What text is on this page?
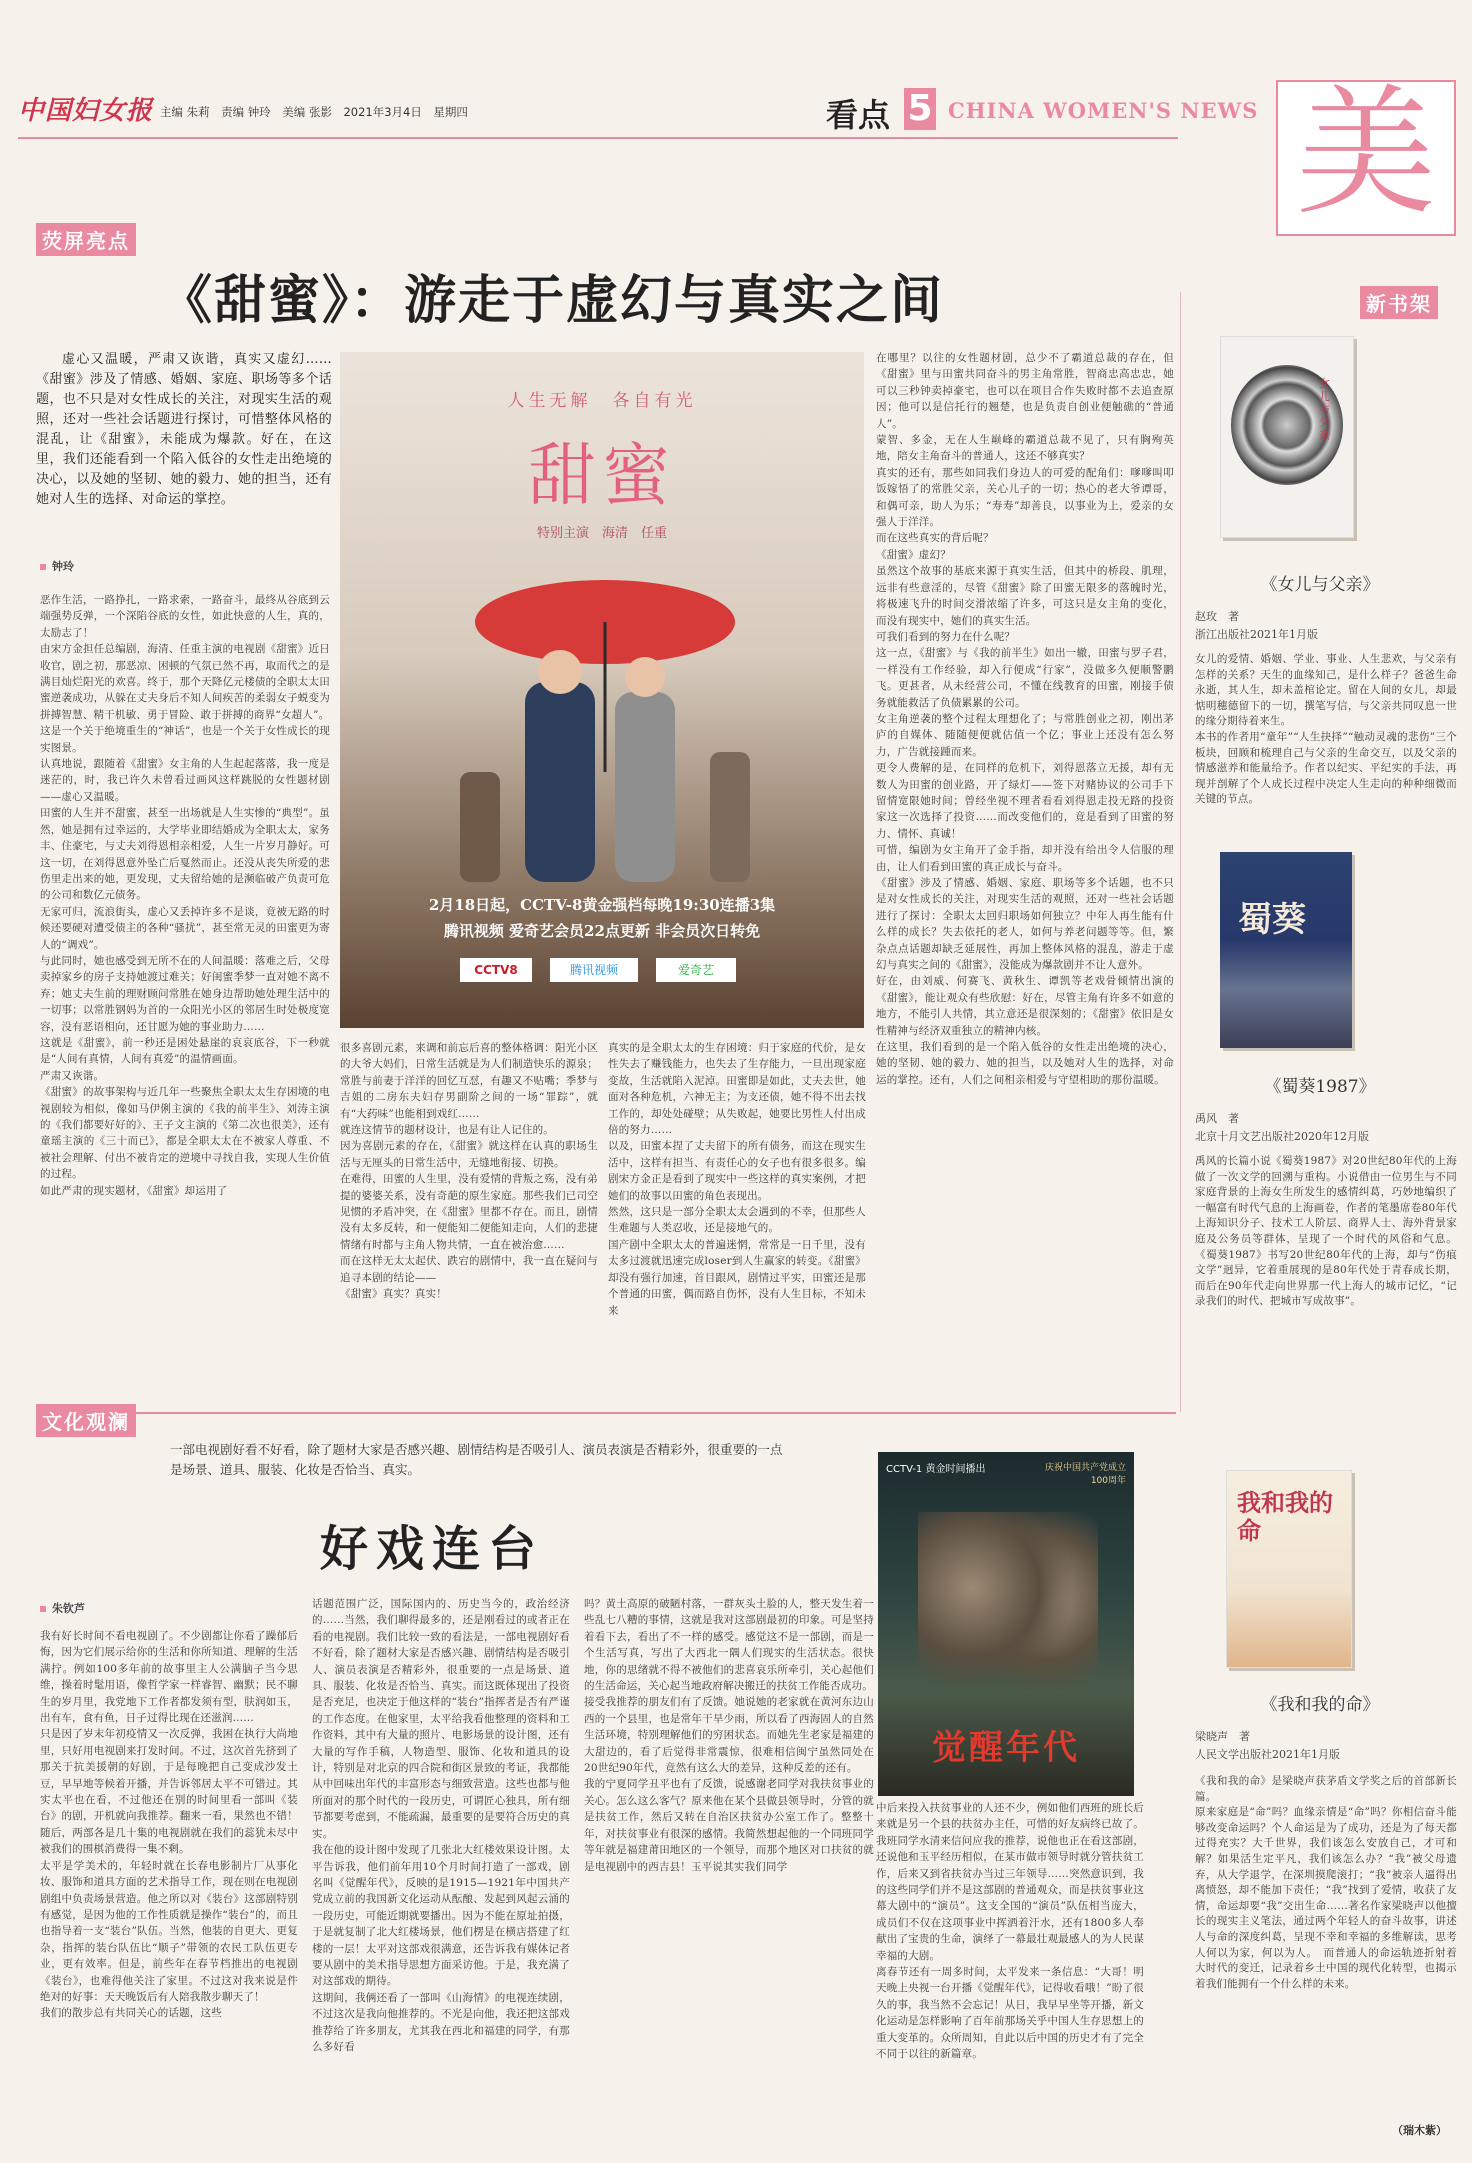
中国妇女报 主编 朱莉　责编 钟玲　美编 张影　2021年3月4日　星期四	看点 5 CHINA WOMEN'S NEWS 美
荧屏亮点
《甜蜜》：游走于虚幻与真实之间
虚心又温暖，严肃又诙谐，真实又虚幻……《甜蜜》涉及了情感、婚姻、家庭、职场等多个话题，也不只是对女性成长的关注，对现实生活的观照，还对一些社会话题进行探讨，可惜整体风格的混乱，让《甜蜜》，未能成为爆款。好在，在这里，我们还能看到一个陷入低谷的女性走出绝境的决心，以及她的坚韧、她的毅力、她的担当，还有她对人生的选择、对命运的掌控。
钟玲
恶作生活，一路挣扎，一路求索，一路奋斗，最终从谷底到云端强势反弹，一个深陷谷底的女性，如此快意的人生，真的，太励志了！
由宋方金担任总编剧，海清、任重主演的电视剧《甜蜜》近日收官，剧之初，那恶凉、困顿的气氛已然不再，取而代之的是满目灿烂阳光的欢喜。终于，那个天降亿元楼债的全职太太田蜜逆袭成功，从躲在丈夫身后不知人间疾苦的柔弱女子蜕变为拼搏智慧、精干机敏、勇于冒险、敢于拼搏的商界“女超人”。
这是一个关于绝境重生的“神话”，也是一个关于女性成长的现实图景。
认真地说，跟随着《甜蜜》女主角的人生起起落落，我一度是迷茫的，时，我已许久未曾看过画风这样跳脱的女性题材剧——虚心又温暖。
田蜜的人生并不甜蜜，甚至一出场就是人生实惨的“典型”。虽然，她是拥有过幸运的，大学毕业即结婚成为全职太太，家务丰、住豪宅，与丈夫刘得恩相亲相爱，人生一片岁月静好。可这一切，在刘得恩意外坠亡后戛然而止。还没从丧失所爱的悲伤里走出来的她，更发现，丈夫留给她的是濒临破产负责可危的公司和数亿元债务。
无家可归，流浪街头，虚心又丢掉许多不是谈，竟被无路的时候还要硬对遭受债主的各种“骚扰”，甚至常无灵的田蜜更为寄人的“调戏”。
与此同时，她也感受到无所不在的人间温暖：落难之后，父母卖掉家乡的房子支持她渡过难关；好闺蜜季梦一直对她不离不弃；她丈夫生前的理财顾问常胜在她身边帮助她处理生活中的一切事；以常胜钢妈为首的一众阳光小区的邻居生时处极度宽容，没有恶语相向，还甘愿为她的事业助力……
这就是《甜蜜》，前一秒还是困处悬崖的哀哀底谷，下一秒就是“人间有真情，人间有真爱”的温情画面。
严肃又诙谐。
《甜蜜》的故事架构与近几年一些聚焦全职太太生存困境的电视剧较为相似，像如马伊俐主演的《我的前半生》、刘涛主演的《我们都要好好的》、王子文主演的《第二次也很美》，还有童瑶主演的《三十而已》，都是全职太太在不被家人尊重、不被社会理解、付出不被肯定的逆境中寻找自我，实现人生价值的过程。
如此严肃的现实题材，《甜蜜》却运用了
很多喜剧元素，来调和前忘后喜的整体格调：阳光小区的大爷大妈们，日常生活就是为人们制造快乐的源泉；常胜与前妻于洋洋的回忆互怼，有趣又不贴嘴；季梦与吉姐的二房东夫妇存男副阶之间的一场“罪踪”，就有“大药味”也能相到戏红……
就连这情节的题材设计，也是有让人记住的。
因为喜剧元素的存在，《甜蜜》就这样在认真的职场生活与无厘头的日常生活中，无缝地衔接、切换。
在难得，田蜜的人生里，没有爱情的背叛之殇，没有弟提的婆婆关系，没有奇葩的原生家庭。那些我们已司空见惯的矛盾冲突，在《甜蜜》里都不存在。而且，剧情没有太多反转，和一便能知二便能知走向，人们的悲捷情绪有时都与主角人物共情，一直在被治愈……
而在这样无太太起伏、跌宕的剧情中，我一直在疑问与追寻本剧的结论——
《甜蜜》真实？真实！
真实的是全职太太的生存困境：归于家庭的代价，是女性失去了赚钱能力，也失去了生存能力，一旦出现家庭变故，生活就陷入泥淖。田蜜即是如此，丈夫去世，她面对各种危机，六神无主；为支还债，她不得不出去找工作的，却处处碰壁；从失败起，她要比男性人付出成倍的努力……
以及，田蜜本捏了丈夫留下的所有债务，而这在现实生活中，这样有担当、有责任心的女子也有很多很多。编剧宋方金正是看到了现实中一些这样的真实案例，才把她们的故事以田蜜的角色表现出。
然然，这只是一部分全职太太会遇到的不幸，但那些人生难题与人类忍收，还是接地气的。
国产剧中全职太太的普遍迷惘，常常是一日千里，没有太多过渡就迅速完成loser到人生赢家的转变。《甜蜜》却没有强行加速，首目跟风，剧情过平实，田蜜还是那个普通的田蜜，偶而路自伤怀，没有人生目标，不知未来
在哪里？以往的女性题材剧，总少不了霸道总裁的存在，但《甜蜜》里与田蜜共同奋斗的男主角常胜，智商忠高忠忠，她可以三秒钟卖掉豪宅，也可以在项目合作失败时都不去追查原因；他可以是信托行的翘楚，也是负责自创业便触礁的“普通人”。
蒙智、多金，无在人生巅峰的霸道总裁不见了，只有胸殉英地，陪女主角奋斗的普通人，这还不够真实？
真实的还有，那些如同我们身边人的可爱的配角们：嗲嗲叫叩饭嫁悟了的常胜父亲，关心儿子的一切；热心的老大爷谭哥，和偶可亲，助人为乐；“寿寿”却善良，以事业为上，爱亲的女强人于洋洋。
而在这些真实的背后呢？
《甜蜜》虚幻？
虽然这个故事的基底来源于真实生活，但其中的桥段、肌理，远非有些意淫的，尽管《甜蜜》除了田蜜无限多的落魄时光，将极速飞升的时间交滑浓缩了许多，可这只是女主角的变化，而没有现实中，她们的真实生活。
可我们看到的努力在什么呢？
这一点，《甜蜜》与《我的前半生》如出一辙，田蜜与罗子君，一样没有工作经验，却入行便成“行家”，没做多久便顺警鹏飞。更甚者，从未经营公司，不懂在线教育的田蜜，刚接手债务就能救活了负债累累的公司。
女主角逆袭的整个过程太理想化了；与常胜创业之初，刚出茅庐的自媒体、随随便便就估值一个亿；事业上还没有怎么努力，广告就接踵而来。
更令人费解的是，在同样的危机下，刘得恩落立无援，却有无数人为田蜜的创业路，开了绿灯——签下对赌协议的公司手下留情宽限她时间；曾经坐视不理者看看刘得恩走投无路的投资家这一次选择了投资……而改变他们的，竟是看到了田蜜的努力、情怀、真诚！
可惜，编剧为女主角开了金手指，却并没有给出令人信服的理由，让人们看到田蜜的真正成长与奋斗。
《甜蜜》涉及了情感、婚姻、家庭、职场等多个话题，也不只是对女性成长的关注，对现实生活的观照，还对一些社会话题进行了探讨：全职太太回归职场如何独立？中年人再生能有什么样的成长？失去依托的老人，如何与养老问题等等。但，繁杂点点话题却缺乏延展性，再加上整体风格的混乱，游走于虚幻与真实之间的《甜蜜》，没能成为爆款剧并不让人意外。
好在，由刘威、何赛飞、黄秋生、谭凯等老戏骨倾情出演的《甜蜜》，能让观众有些欣慰：好在，尽管主角有许多不如意的地方，不能引人共情，其立意还是很深刻的；《甜蜜》依旧是女性精神与经济双重独立的精神内核。
在这里，我们看到的是一个陷入低谷的女性走出绝境的决心，她的坚韧、她的毅力、她的担当，以及她对人生的选择，对命运的掌控。还有，人们之间相亲相爱与守望相助的那份温暖。
人生无解　各自有光
甜蜜
特别主演　海清　任重
2月18日起，CCTV-8黄金强档每晚19:30连播3集
腾讯视频 爱奇艺会员22点更新 非会员次日转免
CCTV8	腾讯视频	爱奇艺
新书架
女儿与父亲
《女儿与父亲》
赵玫　著
浙江出版社2021年1月版
女儿的爱情、婚姻、学业、事业、人生悲欢，与父亲有怎样的关系？天生的血缘知己，是什么样子？爸爸生命永逝，其人生，却未盖棺论定。留在人间的女儿，却最惦明穗德留下的一切，撰笔写信，与父亲共同叹息一世的缘分期待着来生。
本书的作者用“童年”“人生抉择”“触动灵魂的悲伤”三个板块，回顾和梳理自己与父亲的生命交互，以及父亲的情感滋养和能量给予。作者以纪实、平纪实的手法，再现并剖解了个人成长过程中决定人生走向的种种细微而关键的节点。
蜀葵
《蜀葵1987》
禹风　著
北京十月文艺出版社2020年12月版
禹风的长篇小说《蜀葵1987》对20世纪80年代的上海做了一次文学的回溯与重构。小说借由一位男生与不同家庭背景的上海女生所发生的感情纠葛，巧妙地编织了一幅富有时代气息的上海画卷，作者的笔墨席卷80年代上海知识分子、技术工人阶层、商界人士、海外背景家庭及公务员等群体，呈现了一个时代的风俗和气息。《蜀葵1987》书写20世纪80年代的上海，却与“伤痕文学”迥异，它着重展现的是80年代处于青春成长期，而后在90年代走向世界那一代上海人的城市记忆，“记录我们的时代、把城市写成故事”。
文化观澜
一部电视剧好看不好看，除了题材大家是否感兴趣、剧情结构是否吸引人、演员表演是否精彩外，很重要的一点是场景、道具、服装、化妆是否恰当、真实。
好戏连台
朱钦芦
我有好长时间不看电视剧了。不少剧都让你看了躁郁后悔，因为它们展示给你的生活和你所知道、理解的生活满拧。例如100多年前的故事里主人公满脑子当今思维，操着时髦用语，像哲学家一样睿智、幽默；民不聊生的岁月里，我党地下工作者都发须有型，肤润如玉，出有车，食有鱼，日子过得比现在还滋润……
只是因了岁末年初疫情又一次反弹，我困在执行大尚地里，只好用电视剧来打发时间。不过，这次首先挤到了那关于抗美援朝的好剧，于是每晚把自己变成沙发土豆，早早地等候着开播，并告诉邻居太平不可错过。其实太平也在看，不过他还在别的时间里看一部叫《装台》的剧，开机就向我推荐。翻来一看，果然也不错！随后，两部各是几十集的电视剧就在我们的蕊犹未尽中被我们的围棋消费得一集不剩。
太平是学美术的，年轻时就在长春电影制片厂从事化妆、服饰和道具方面的艺术指导工作，现在则在电视剧剧组中负责场景营造。他之所以对《装台》这部剧特别有感觉，是因为他的工作性质就是操作“装台”的，而且也指导着一支“装台”队伍。当然，他装的自更大、更复杂，指挥的装台队伍比“顺子”带领的农民工队伍更专业，更有效率。但是，前些年在春节档推出的电视剧《装台》，也难得他关注了家里。不过这对我来说是件绝对的好事：天天晚饭后有人陪我散步聊天了！
我们的散步总有共同关心的话题，这些
话题范围广泛，国际国内的、历史当今的，政治经济的……当然，我们聊得最多的，还是刚看过的或者正在看的电视剧。我们比较一致的看法是，一部电视剧好看不好看，除了题材大家是否感兴趣、剧情结构是否吸引人、演员表演是否精彩外，很重要的一点是场景、道具、服装、化妆是否恰当、真实。而这既体现出了投资是否充足，也决定于他这样的“装台”指挥者是否有严谨的工作态度。在他家里，太平给我看他整理的资料和工作资料，其中有大量的照片、电影场景的设计图，还有大量的写作手稿，人物造型、服饰、化妆和道具的设计，特别是对北京的四合院和街区景致的考证，我都能从中回味出年代的丰富形态与细致营造。这些也都与他所面对的那个时代的一段历史，可谓匠心独具，所有细节都要考虑到，不能疏漏，最重要的是要符合历史的真实。
我在他的设计图中发现了几张北大红楼效果设计图。太平告诉我，他们前年用10个月时间打造了一部戏，剧名叫《觉醒年代》，反映的是1915—1921年中国共产党成立前的我国新文化运动从酝酿、发起到风起云涌的一段历史，可能近期就要播出。因为不能在原址拍摄，于是就复制了北大红楼场景，他们楞是在横店搭建了红楼的一层！太平对这部戏很满意，还告诉我有媒体记者要从剧中的美术指导思想方面采访他。于是，我充满了对这部戏的期待。
这期间，我俩还看了一部叫《山海情》的电视连续剧，不过这次是我向他推荐的。不光是向他，我还把这部戏推荐给了许多朋友，尤其我在西北和福建的同学，有那么多好看
吗？黄土高原的破陋村落，一群灰头土脸的人，整天发生着一些乱七八糟的事情，这就是我对这部剧最初的印象。可是坚持着看下去，看出了不一样的感受。感觉这不是一部剧，而是一个生活写真，写出了大西北一隅人们现实的生活状态。很快地，你的思绪就不得不被他们的悲喜哀乐所牵引，关心起他们的生活命运，关心起当地政府解决搬迁的扶贫工作能否成功。
接受我推荐的朋友们有了反馈。她说她的老家就在黄河东边山西的一个县里，也是常年干旱少雨，所以看了西海固人的自然生活环境，特别理解他们的穷困状态。而她先生老家是福建的大甜边的，看了后觉得非常震惊，很难相信闽宁虽然同处在20世纪90年代，竟然有这么大的差异，这种反差的还有。
我的宁夏同学丑平也有了反馈，说感谢老同学对我扶贫事业的关心。怎么这么客气？原来他在某个县做县领导时，分管的就是扶贫工作，然后又转在自治区扶贫办公室工作了。整整十年，对扶贫事业有很深的感情。我简然想起他的一个同班同学等年就是福建莆田地区的一个领导，而那个地区对口扶贫的就是电视剧中的西吉县！玉平说其实我们同学
中后来投入扶贫事业的人还不少，例如他们西班的班长后来就是另一个县的扶贫办主任，可惜的好友病终已故了。我班同学水清来信问应我的推荐，说他也正在看这部剧，还说他和玉平经历相似，在某市做市领导时就分管扶贫工作，后来又到省扶贫办当过三年领导……突然意识到，我的这些同学们并不是这部剧的普通观众，而是扶贫事业这幕大剧中的“演员”。这支全国的“演员”队伍相当庞大，成员们不仅在这项事业中挥洒着汗水，还有1800多人奉献出了宝贵的生命，演绎了一幕最壮观最感人的为人民谋幸福的大剧。
离春节还有一周多时间，太平发来一条信息：“大哥！明天晚上央视一台开播《觉醒年代》，记得收看哦！”盼了很久的事，我当然不会忘记！从日，我早早坐等开播，新文化运动是怎样影响了百年前那场关乎中国人生存思想上的重大变革的。众所周知，自此以后中国的历史才有了完全不同于以往的新篇章。
CCTV-1 黄金时间播出	庆祝中国共产党成立100周年
觉醒年代
我和我的命
《我和我的命》
梁晓声　著
人民文学出版社2021年1月版
《我和我的命》是梁晓声获茅盾文学奖之后的首部新长篇。
原来家庭是“命”吗？血缘亲情是“命”吗？你相信奋斗能够改变命运吗？个人命运是为了成功，还是为了每天都过得充实？大千世界，我们该怎么安放自己，才可和解？如果活生定平凡，我们该怎么办？“我”被父母遗弃，从大学退学，在深圳摸爬滚打；“我”被亲人逼得出离愤怒，却不能加下责任；“我”找到了爱情，收获了友情，命运却要“我”交出生命……著名作家梁晓声以他擅长的现实主义笔法，通过两个年轻人的奋斗故事，讲述人与命的深度纠葛，呈现不幸和幸福的多维解读，思考人何以为家，何以为人。　而普通人的命运轨迹折射着大时代的变迁，记录着乡土中国的现代化转型，也揭示着我们能拥有一个什么样的未来。
（瑞木紫）
